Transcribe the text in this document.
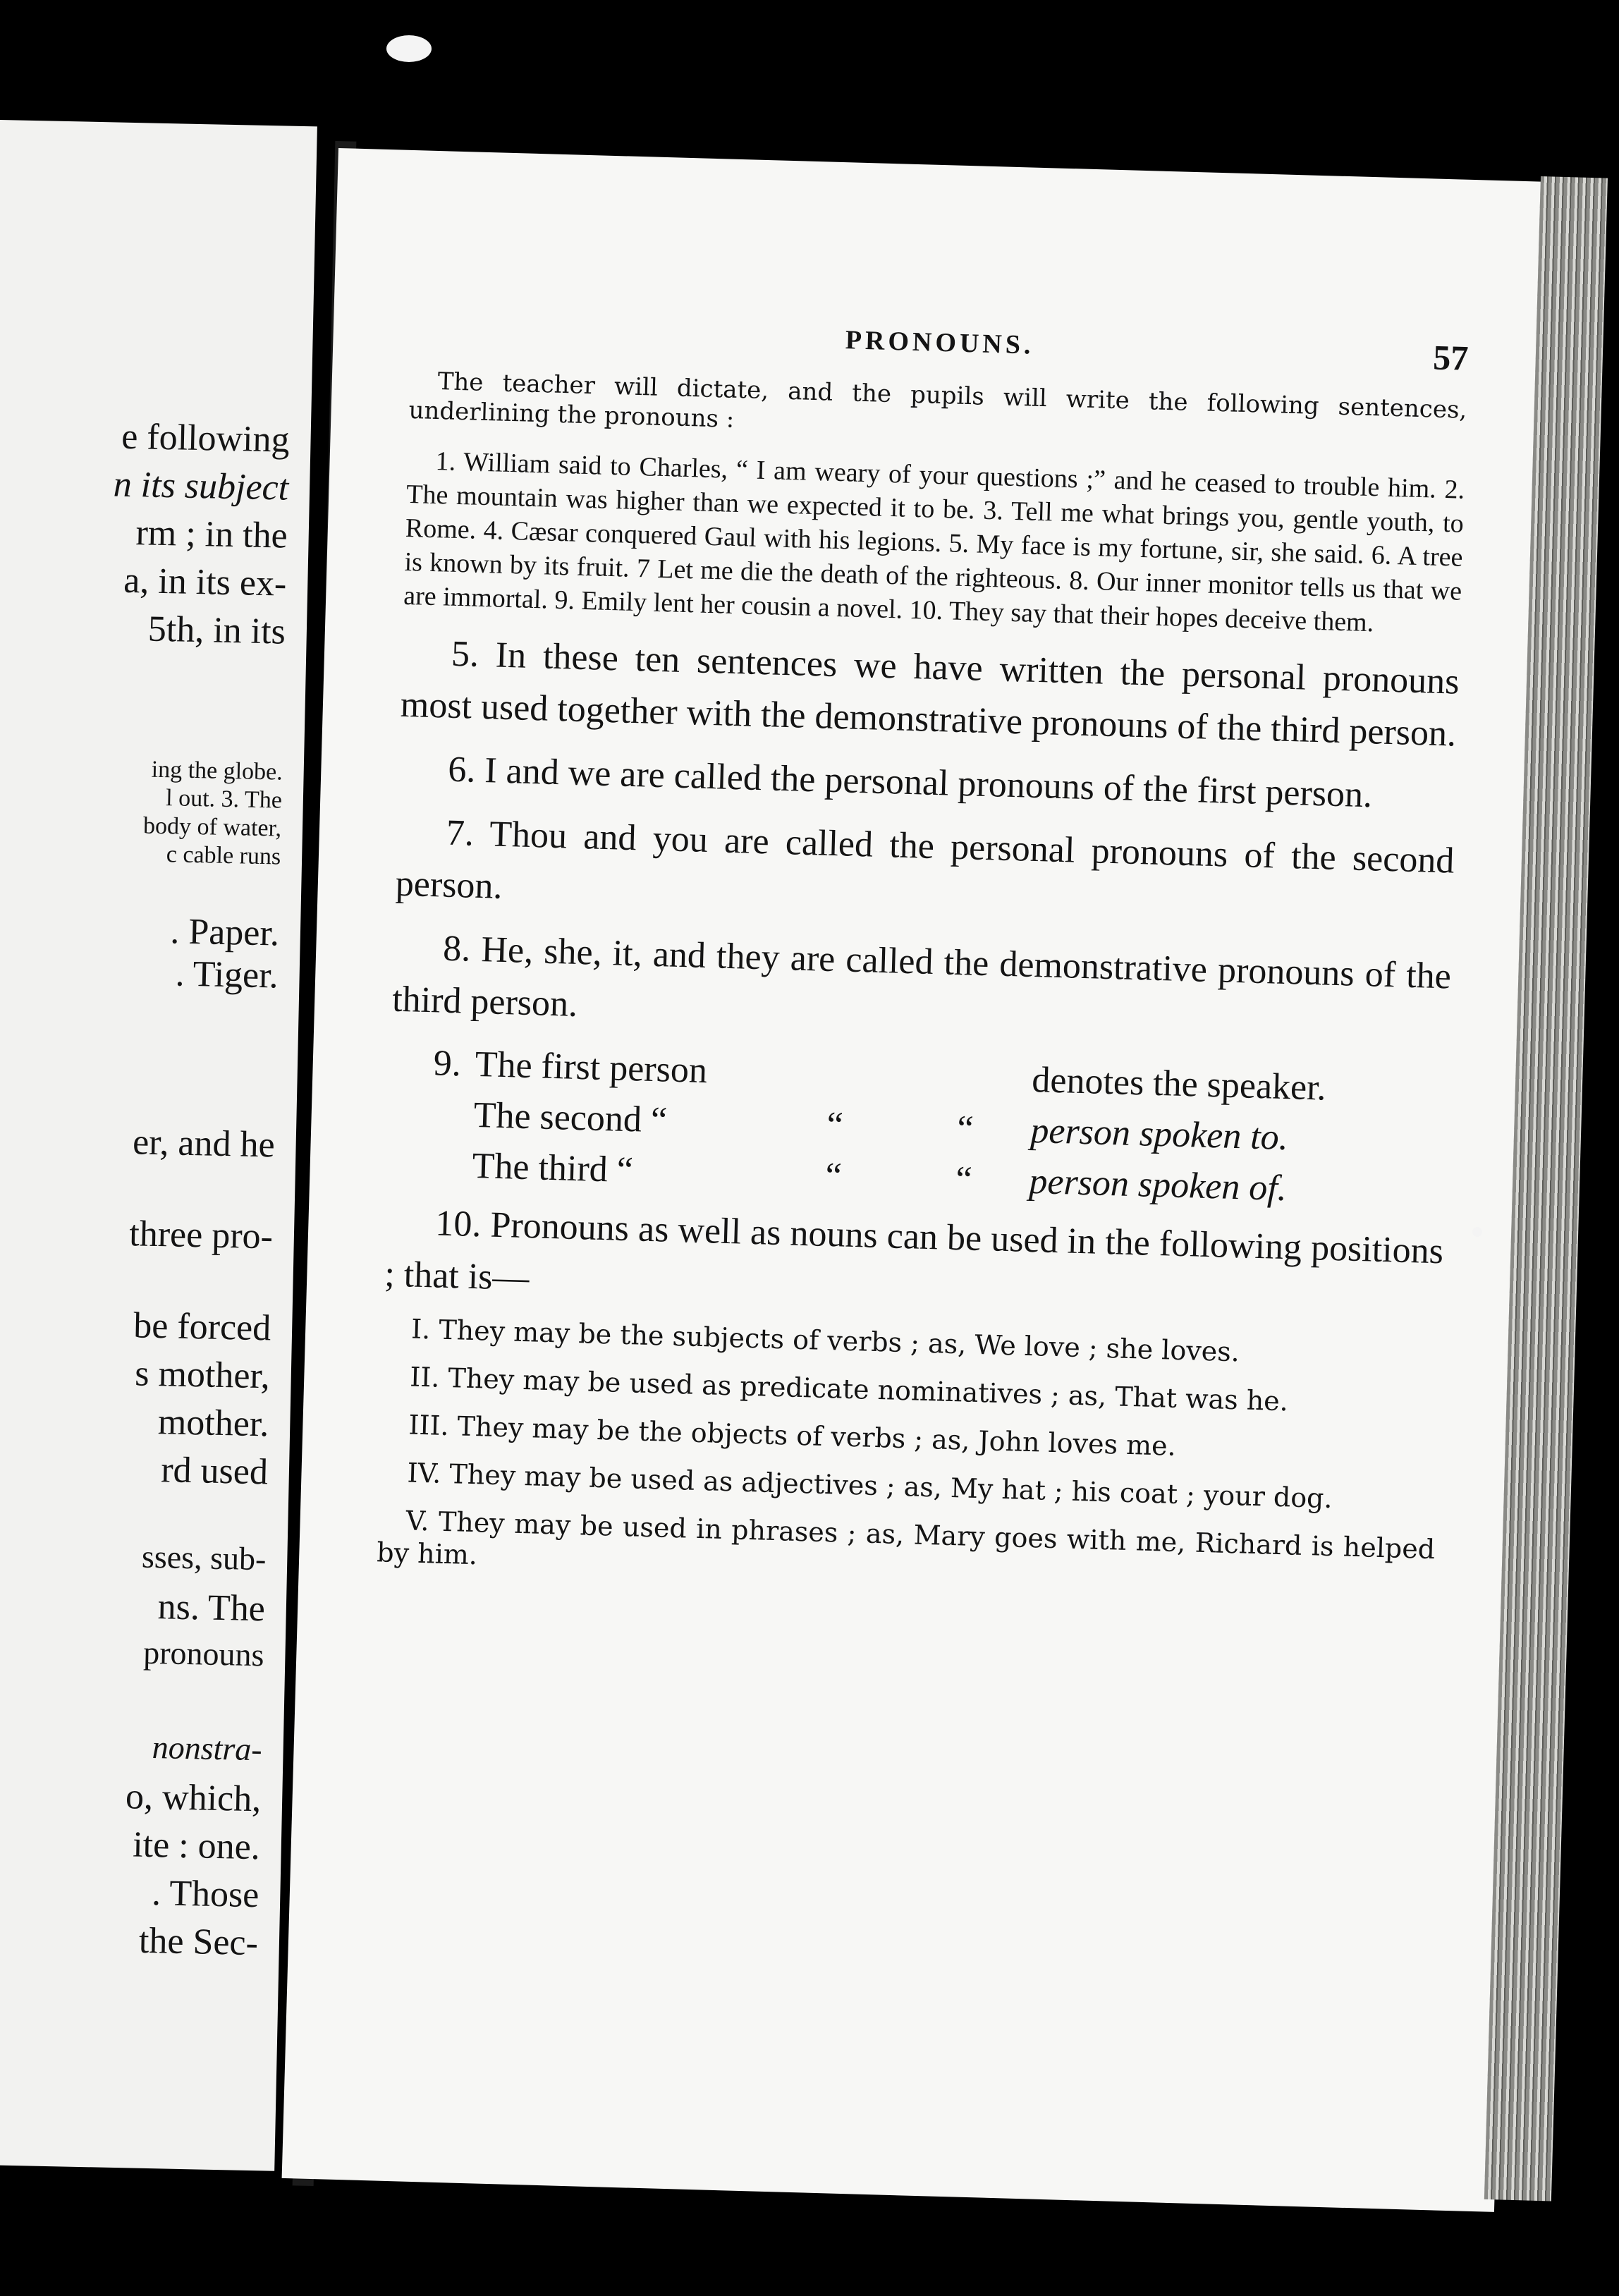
e following
n its subject
rm ; in the
a, in its ex-
5th, in its
ing the globe.
l out. 3. The
body of water,
c cable runs
. Paper.
. Tiger.
er, and he
three pro-
be forced
s mother,
mother.
rd used
sses, sub-
ns. The
pronouns
nonstra-
o, which,
ite : one.
. Those
the Sec-
PRONOUNS.	57

The teacher will dictate, and the pupils will write the following sentences, underlining the pronouns :

1. William said to Charles, “ I am weary of your questions ;” and he ceased to trouble him. 2. The mountain was higher than we expected it to be. 3. Tell me what brings you, gentle youth, to Rome. 4. Cæsar conquered Gaul with his legions. 5. My face is my fortune, sir, she said. 6. A tree is known by its fruit. 7 Let me die the death of the righteous. 8. Our inner monitor tells us that we are immortal. 9. Emily lent her cousin a novel. 10. They say that their hopes deceive them.

5. In these ten sentences we have written the personal pronouns most used together with the demonstrative pronouns of the third person.

6. I and we are called the personal pronouns of the first person.

7. Thou and you are called the personal pronouns of the second person.

8. He, she, it, and they are called the demonstrative pronouns of the third person.

9. The first person	denotes the speaker.
The second “	“	“	person spoken to.
The third “	“	“	person spoken of.

10. Pronouns as well as nouns can be used in the following positions ; that is—

I. They may be the subjects of verbs ; as, We love ; she loves.

II. They may be used as predicate nominatives ; as, That was he.

III. They may be the objects of verbs ; as, John loves me.

IV. They may be used as adjectives ; as, My hat ; his coat ; your dog.

V. They may be used in phrases ; as, Mary goes with me, Richard is helped by him.
